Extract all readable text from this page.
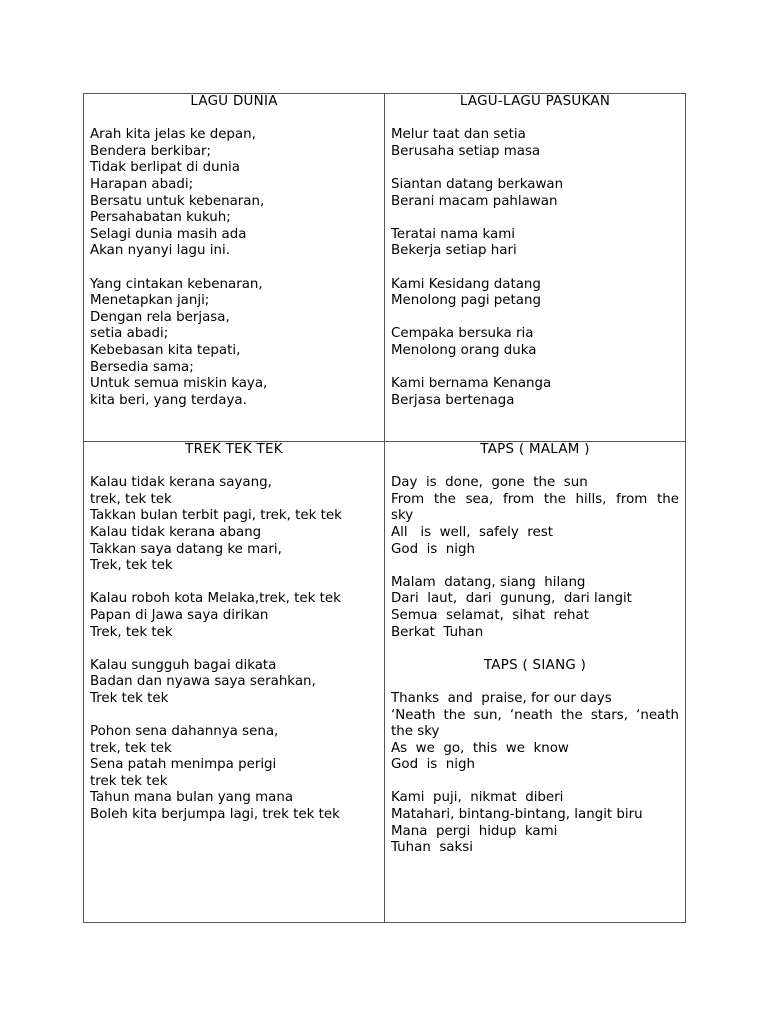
LAGU DUNIA
Arah kita jelas ke depan,
Bendera berkibar;
Tidak berlipat di dunia
Harapan abadi;
Bersatu untuk kebenaran,
Persahabatan kukuh;
Selagi dunia masih ada
Akan nyanyi lagu ini.
Yang cintakan kebenaran,
Menetapkan janji;
Dengan rela berjasa,
setia abadi;
Kebebasan kita tepati,
Bersedia sama;
Untuk semua miskin kaya,
kita beri, yang terdaya.
LAGU-LAGU PASUKAN
Melur taat dan setia
Berusaha setiap masa
Siantan datang berkawan
Berani macam pahlawan
Teratai nama kami
Bekerja setiap hari
Kami Kesidang datang
Menolong pagi petang
Cempaka bersuka ria
Menolong orang duka
Kami bernama Kenanga
Berjasa bertenaga
TREK TEK TEK
Kalau tidak kerana sayang,
trek, tek tek
Takkan bulan terbit pagi, trek, tek tek
Kalau tidak kerana abang
Takkan saya datang ke mari,
Trek, tek tek
Kalau roboh kota Melaka,trek, tek tek
Papan di Jawa saya dirikan
Trek, tek tek
Kalau sungguh bagai dikata
Badan dan nyawa saya serahkan,
Trek tek tek
Pohon sena dahannya sena,
trek, tek tek
Sena patah menimpa perigi
trek tek tek
Tahun mana bulan yang mana
Boleh kita berjumpa lagi, trek tek tek
TAPS ( MALAM )
Day  is  done,  gone  the  sun
From the sea, from the hills, from the
sky
All   is  well,  safely  rest
God  is  nigh
Malam  datang, siang  hilang
Dari  laut,  dari  gunung,  dari langit
Semua  selamat,  sihat  rehat
Berkat  Tuhan
TAPS ( SIANG )
Thanks  and  praise, for our days
‘Neath the sun, ‘neath the stars, ‘neath
the sky
As  we  go,  this  we  know
God  is  nigh
Kami  puji,  nikmat  diberi
Matahari, bintang-bintang, langit biru
Mana  pergi  hidup  kami
Tuhan  saksi
